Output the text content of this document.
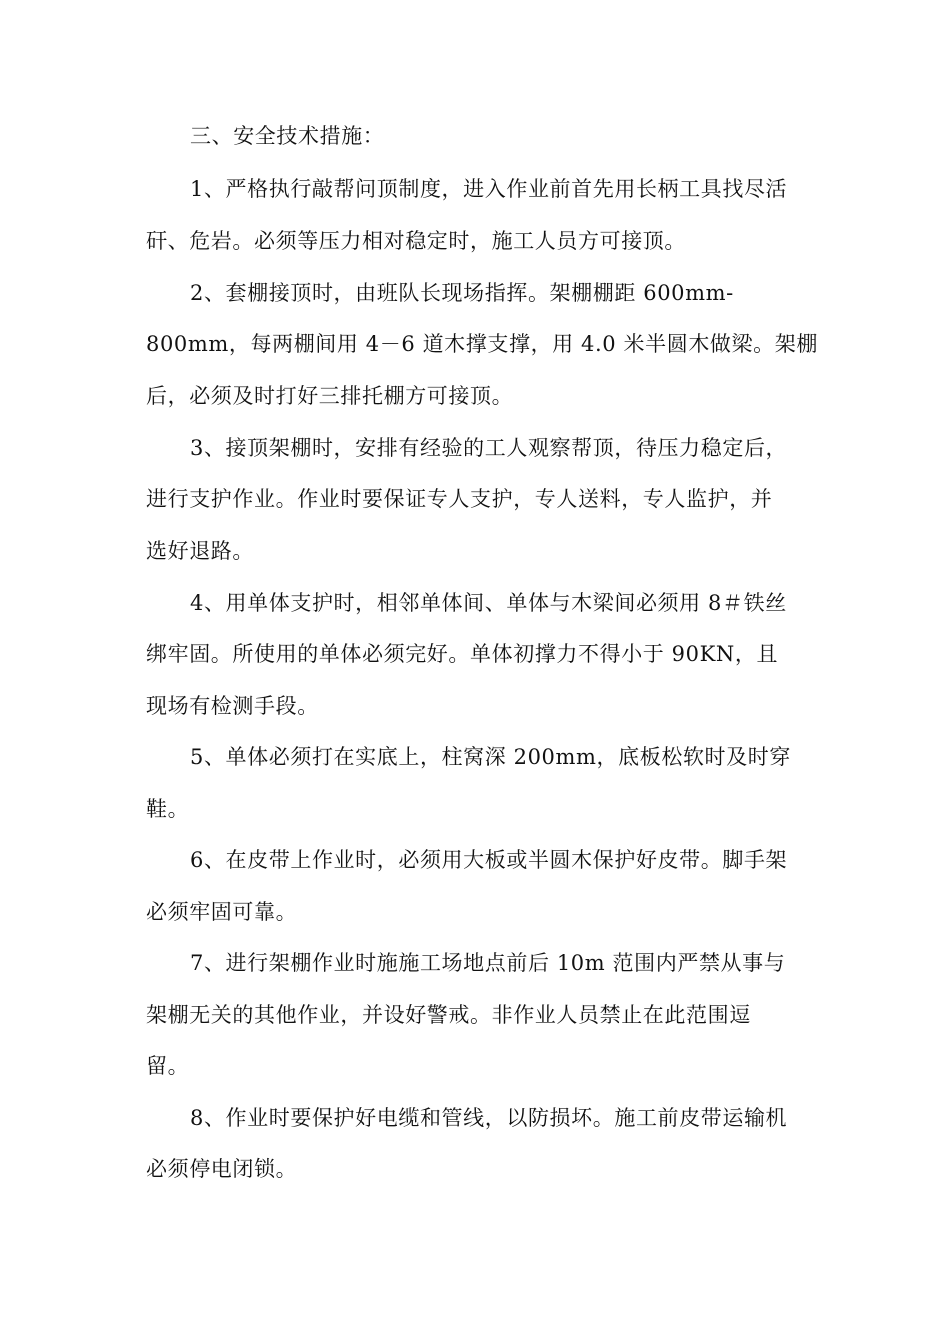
三、安全技术措施：
1、严格执行敲帮问顶制度，进入作业前首先用长柄工具找尽活
矸、危岩。必须等压力相对稳定时，施工人员方可接顶。
2、套棚接顶时，由班队长现场指挥。架棚棚距 600mm-
800mm，每两棚间用 4－6 道木撑支撑，用 4.0 米半圆木做梁。架棚
后，必须及时打好三排托棚方可接顶。
3、接顶架棚时，安排有经验的工人观察帮顶，待压力稳定后，
进行支护作业。作业时要保证专人支护，专人送料，专人监护，并
选好退路。
4、用单体支护时，相邻单体间、单体与木梁间必须用 8＃铁丝
绑牢固。所使用的单体必须完好。单体初撑力不得小于 90KN，且
现场有检测手段。
5、单体必须打在实底上，柱窝深 200mm，底板松软时及时穿
鞋。
6、在皮带上作业时，必须用大板或半圆木保护好皮带。脚手架
必须牢固可靠。
7、进行架棚作业时施施工场地点前后 10m 范围内严禁从事与
架棚无关的其他作业，并设好警戒。非作业人员禁止在此范围逗
留。
8、作业时要保护好电缆和管线，以防损坏。施工前皮带运输机
必须停电闭锁。
